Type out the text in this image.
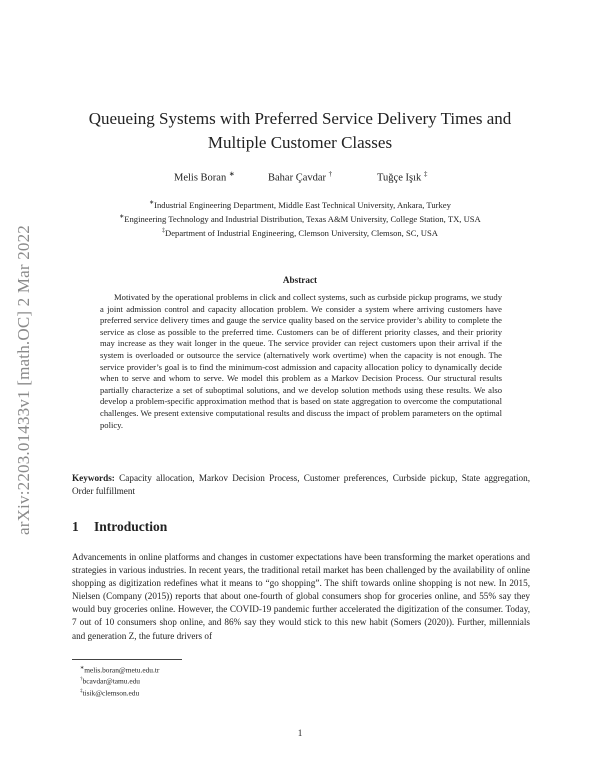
arXiv:2203.01433v1 [math.OC] 2 Mar 2022
Queueing Systems with Preferred Service Delivery Times and Multiple Customer Classes
Melis Boran ∗	Bahar Çavdar †	Tuğçe Işık ‡
∗Industrial Engineering Department, Middle East Technical University, Ankara, Turkey
∗Engineering Technology and Industrial Distribution, Texas A&M University, College Station, TX, USA
‡Department of Industrial Engineering, Clemson University, Clemson, SC, USA
Abstract

Motivated by the operational problems in click and collect systems, such as curbside pickup programs, we study a joint admission control and capacity allocation problem. We consider a system where arriving customers have preferred service delivery times and gauge the service quality based on the service provider’s ability to complete the service as close as possible to the preferred time. Customers can be of different priority classes, and their priority may increase as they wait longer in the queue. The service provider can reject customers upon their arrival if the system is overloaded or outsource the service (alternatively work overtime) when the capacity is not enough. The service provider’s goal is to find the minimum-cost admission and capacity allocation policy to dynamically decide when to serve and whom to serve. We model this problem as a Markov Decision Process. Our structural results partially characterize a set of suboptimal solutions, and we develop solution methods using these results. We also develop a problem-specific approximation method that is based on state aggregation to overcome the computational challenges. We present extensive computational results and discuss the impact of problem parameters on the optimal policy.

Keywords: Capacity allocation, Markov Decision Process, Customer preferences, Curbside pickup, State aggregation, Order fulfillment

1 Introduction

Advancements in online platforms and changes in customer expectations have been transforming the market operations and strategies in various industries. In recent years, the traditional retail market has been challenged by the availability of online shopping as digitization redefines what it means to “go shopping”. The shift towards online shopping is not new. In 2015, Nielsen (Company (2015)) reports that about one-fourth of global consumers shop for groceries online, and 55% say they would buy groceries online. However, the COVID-19 pandemic further accelerated the digitization of the consumer. Today, 7 out of 10 consumers shop online, and 86% say they would stick to this new habit (Somers (2020)). Further, millennials and generation Z, the future drivers of

∗melis.boran@metu.edu.tr
†bcavdar@tamu.edu
‡tisik@clemson.edu
1
